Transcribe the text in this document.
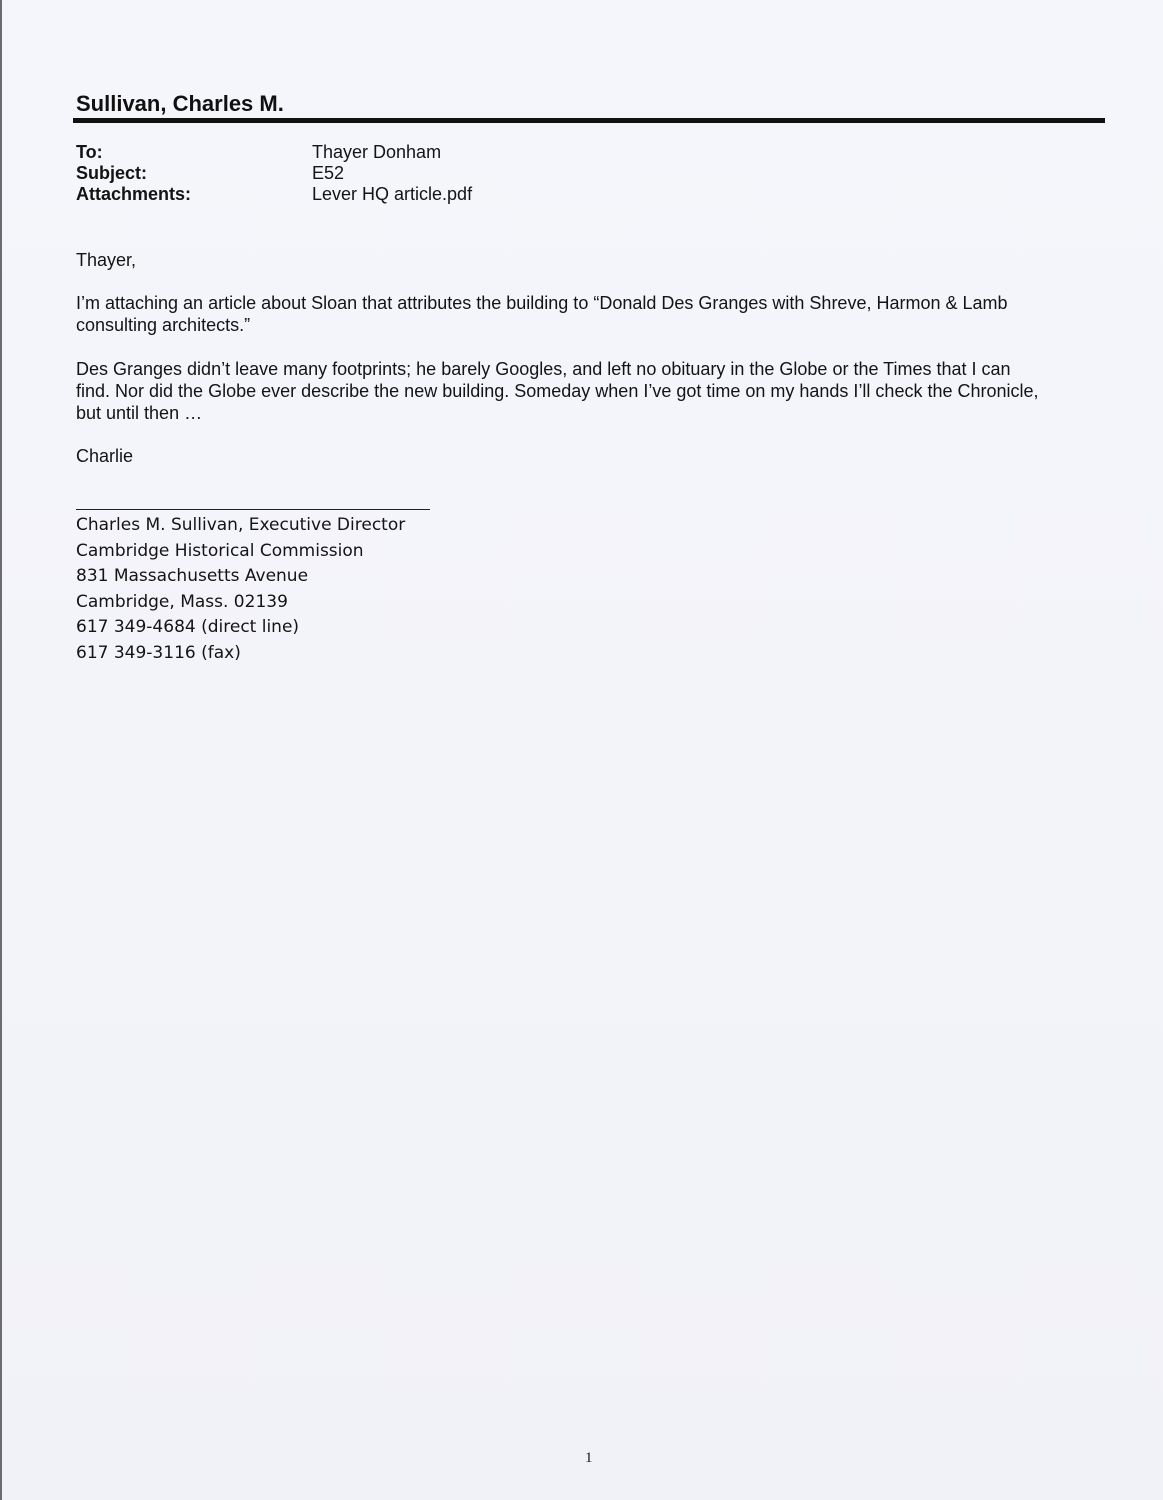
Sullivan, Charles M.
To:	Thayer Donham
Subject:	E52
Attachments:	Lever HQ article.pdf
Thayer,
I’m attaching an article about Sloan that attributes the building to “Donald Des Granges with Shreve, Harmon & Lamb
consulting architects.”
Des Granges didn’t leave many footprints; he barely Googles, and left no obituary in the Globe or the Times that I can
find. Nor did the Globe ever describe the new building. Someday when I’ve got time on my hands I’ll check the Chronicle,
but until then …
Charlie
Charles M. Sullivan, Executive Director
Cambridge Historical Commission
831 Massachusetts Avenue
Cambridge, Mass. 02139
617 349-4684 (direct line)
617 349-3116 (fax)
1
